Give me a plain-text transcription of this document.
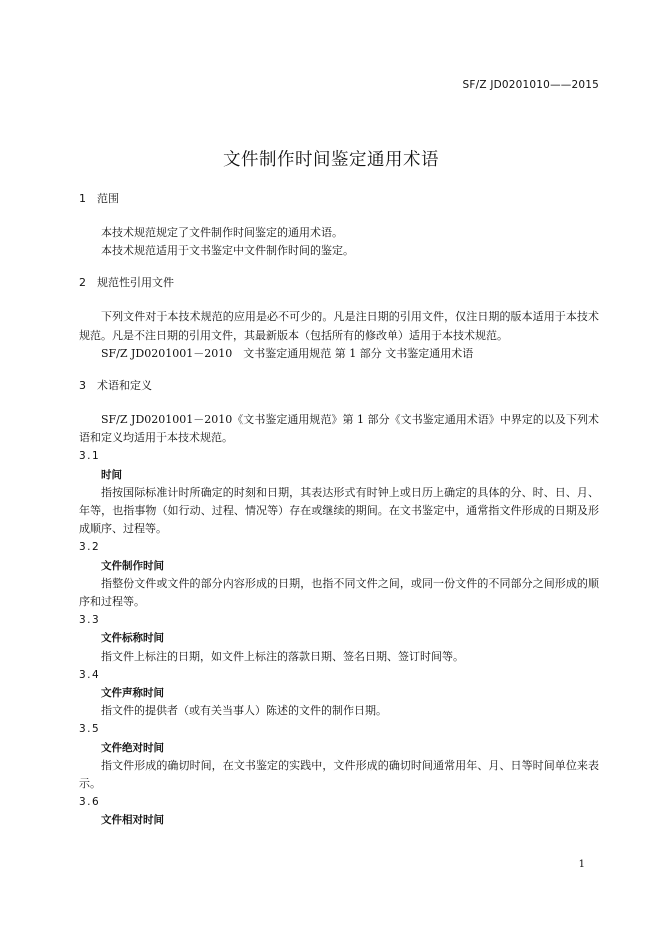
SF/Z JD0201010——2015
文件制作时间鉴定通用术语
1 范围

本技术规范规定了文件制作时间鉴定的通用术语。

本技术规范适用于文书鉴定中文件制作时间的鉴定。

2 规范性引用文件

下列文件对于本技术规范的应用是必不可少的。凡是注日期的引用文件，仅注日期的版本适用于本技术规范。凡是不注日期的引用文件，其最新版本（包括所有的修改单）适用于本技术规范。

SF/Z JD0201001－2010　文书鉴定通用规范 第 1 部分 文书鉴定通用术语

3 术语和定义

SF/Z JD0201001－2010《文书鉴定通用规范》第 1 部分《文书鉴定通用术语》中界定的以及下列术语和定义均适用于本技术规范。

3.1
时间

指按国际标准计时所确定的时刻和日期，其表达形式有时钟上或日历上确定的具体的分、时、日、月、年等，也指事物（如行动、过程、情况等）存在或继续的期间。在文书鉴定中，通常指文件形成的日期及形成顺序、过程等。

3.2
文件制作时间

指整份文件或文件的部分内容形成的日期，也指不同文件之间，或同一份文件的不同部分之间形成的顺序和过程等。

3.3
文件标称时间

指文件上标注的日期，如文件上标注的落款日期、签名日期、签订时间等。

3.4
文件声称时间

指文件的提供者（或有关当事人）陈述的文件的制作日期。

3.5
文件绝对时间

指文件形成的确切时间，在文书鉴定的实践中，文件形成的确切时间通常用年、月、日等时间单位来表示。

3.6
文件相对时间
1
